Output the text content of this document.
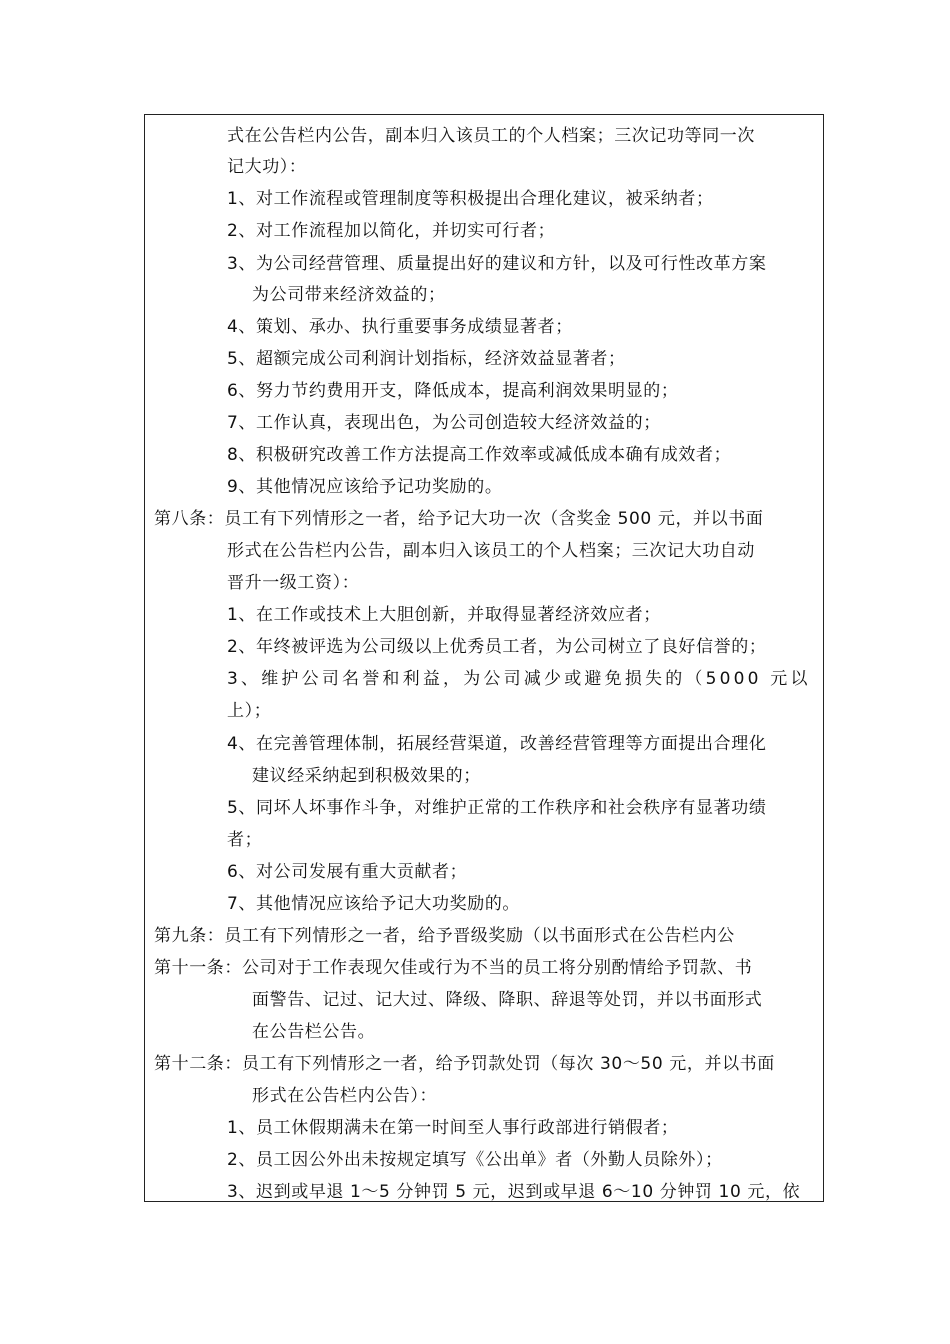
式在公告栏内公告，副本归入该员工的个人档案；三次记功等同一次
记大功）：
1、对工作流程或管理制度等积极提出合理化建议，被采纳者；
2、对工作流程加以简化，并切实可行者；
3、为公司经营管理、质量提出好的建议和方针，以及可行性改革方案
为公司带来经济效益的；
4、策划、承办、执行重要事务成绩显著者；
5、超额完成公司利润计划指标，经济效益显著者；
6、努力节约费用开支，降低成本，提高利润效果明显的；
7、工作认真，表现出色，为公司创造较大经济效益的；
8、积极研究改善工作方法提高工作效率或减低成本确有成效者；
9、其他情况应该给予记功奖励的。
第八条：员工有下列情形之一者，给予记大功一次（含奖金 500 元，并以书面
形式在公告栏内公告，副本归入该员工的个人档案；三次记大功自动
晋升一级工资）：
1、在工作或技术上大胆创新，并取得显著经济效应者；
2、年终被评选为公司级以上优秀员工者，为公司树立了良好信誉的；
3、维护公司名誉和利益，为公司减少或避免损失的（5000 元以
上）；
4、在完善管理体制，拓展经营渠道，改善经营管理等方面提出合理化
建议经采纳起到积极效果的；
5、同坏人坏事作斗争，对维护正常的工作秩序和社会秩序有显著功绩
者；
6、对公司发展有重大贡献者；
7、其他情况应该给予记大功奖励的。
第九条：员工有下列情形之一者，给予晋级奖励（以书面形式在公告栏内公
第十一条：公司对于工作表现欠佳或行为不当的员工将分别酌情给予罚款、书
面警告、记过、记大过、降级、降职、辞退等处罚，并以书面形式
在公告栏公告。
第十二条：员工有下列情形之一者，给予罚款处罚（每次 30～50 元，并以书面
形式在公告栏内公告）：
1、员工休假期满未在第一时间至人事行政部进行销假者；
2、员工因公外出未按规定填写《公出单》者（外勤人员除外）；
3、迟到或早退 1～5 分钟罚 5 元，迟到或早退 6～10 分钟罚 10 元，依
